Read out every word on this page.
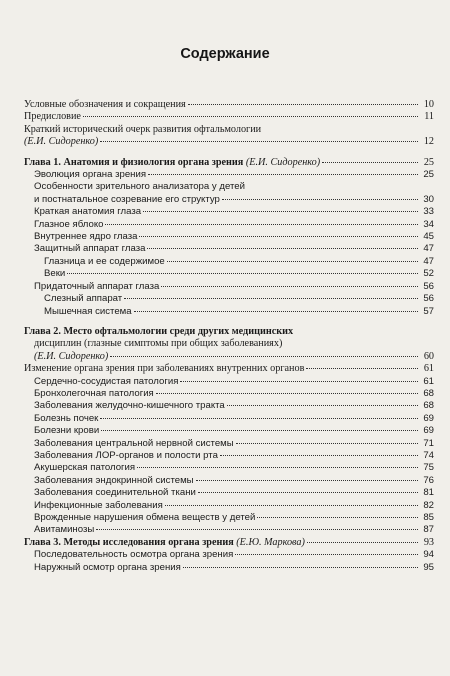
Содержание
Условные обозначения и сокращения	10
Предисловие	11
Краткий исторический очерк развития офтальмологии
(Е.И. Сидоренко)	12
Глава 1. Анатомия и физиология органа зрения (Е.И. Сидоренко)	25
Эволюция органа зрения	25
Особенности зрительного анализатора у детей
и постнатальное созревание его структур	30
Краткая анатомия глаза	33
Глазное яблоко	34
Внутреннее ядро глаза	45
Защитный аппарат глаза	47
Глазница и ее содержимое	47
Веки	52
Придаточный аппарат глаза	56
Слезный аппарат	56
Мышечная система	57
Глава 2. Место офтальмологии среди других медицинских
дисциплин (глазные симптомы при общих заболеваниях)
(Е.И. Сидоренко)	60
Изменение органа зрения при заболеваниях внутренних органов	61
Сердечно-сосудистая патология	61
Бронхолегочная патология	68
Заболевания желудочно-кишечного тракта	68
Болезнь почек	69
Болезни крови	69
Заболевания центральной нервной системы	71
Заболевания ЛОР-органов и полости рта	74
Акушерская патология	75
Заболевания эндокринной системы	76
Заболевания соединительной ткани	81
Инфекционные заболевания	82
Врожденные нарушения обмена веществ у детей	85
Авитаминозы	87
Глава 3. Методы исследования органа зрения (Е.Ю. Маркова)	93
Последовательность осмотра органа зрения	94
Наружный осмотр органа зрения	95
